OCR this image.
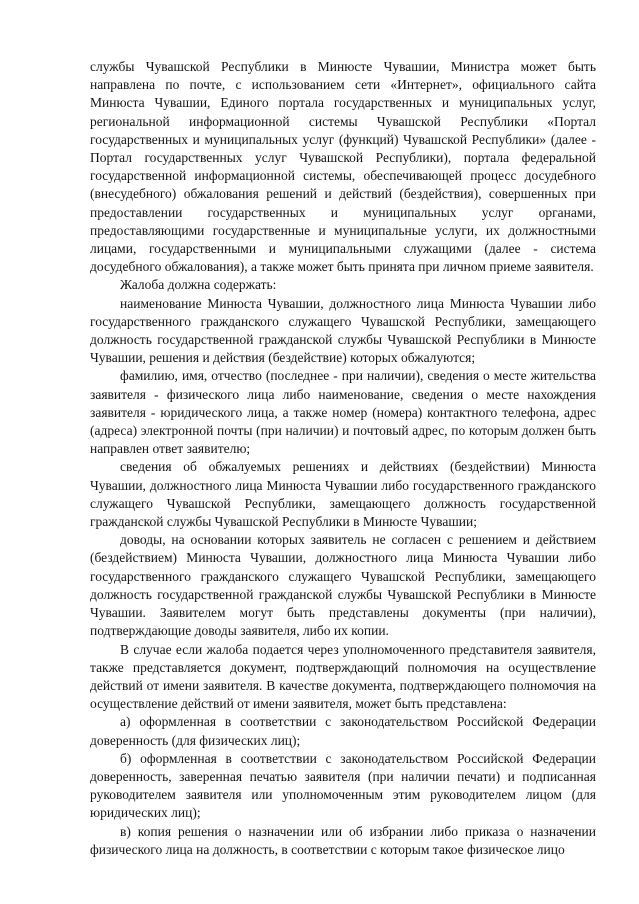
службы Чувашской Республики в Минюсте Чувашии, Министра может быть направлена по почте, с использованием сети «Интернет», официального сайта Минюста Чувашии, Единого портала государственных и муниципальных услуг, региональной информационной системы Чувашской Республики «Портал государственных и муниципальных услуг (функций) Чувашской Республики» (далее - Портал государственных услуг Чувашской Республики), портала федеральной государственной информационной системы, обеспечивающей процесс досудебного (внесудебного) обжалования решений и действий (бездействия), совершенных при предоставлении государственных и муниципальных услуг органами, предоставляющими государственные и муниципальные услуги, их должностными лицами, государственными и муниципальными служащими (далее - система досудебного обжалования), а также может быть принята при личном приеме заявителя.

Жалоба должна содержать:

наименование Минюста Чувашии, должностного лица Минюста Чувашии либо государственного гражданского служащего Чувашской Республики, замещающего должность государственной гражданской службы Чувашской Республики в Минюсте Чувашии, решения и действия (бездействие) которых обжалуются;

фамилию, имя, отчество (последнее - при наличии), сведения о месте жительства заявителя - физического лица либо наименование, сведения о месте нахождения заявителя - юридического лица, а также номер (номера) контактного телефона, адрес (адреса) электронной почты (при наличии) и почтовый адрес, по которым должен быть направлен ответ заявителю;

сведения об обжалуемых решениях и действиях (бездействии) Минюста Чувашии, должностного лица Минюста Чувашии либо государственного гражданского служащего Чувашской Республики, замещающего должность государственной гражданской службы Чувашской Республики в Минюсте Чувашии;

доводы, на основании которых заявитель не согласен с решением и действием (бездействием) Минюста Чувашии, должностного лица Минюста Чувашии либо государственного гражданского служащего Чувашской Республики, замещающего должность государственной гражданской службы Чувашской Республики в Минюсте Чувашии. Заявителем могут быть представлены документы (при наличии), подтверждающие доводы заявителя, либо их копии.

В случае если жалоба подается через уполномоченного представителя заявителя, также представляется документ, подтверждающий полномочия на осуществление действий от имени заявителя. В качестве документа, подтверждающего полномочия на осуществление действий от имени заявителя, может быть представлена:

а) оформленная в соответствии с законодательством Российской Федерации доверенность (для физических лиц);

б) оформленная в соответствии с законодательством Российской Федерации доверенность, заверенная печатью заявителя (при наличии печати) и подписанная руководителем заявителя или уполномоченным этим руководителем лицом (для юридических лиц);

в) копия решения о назначении или об избрании либо приказа о назначении физического лица на должность, в соответствии с которым такое физическое лицо
